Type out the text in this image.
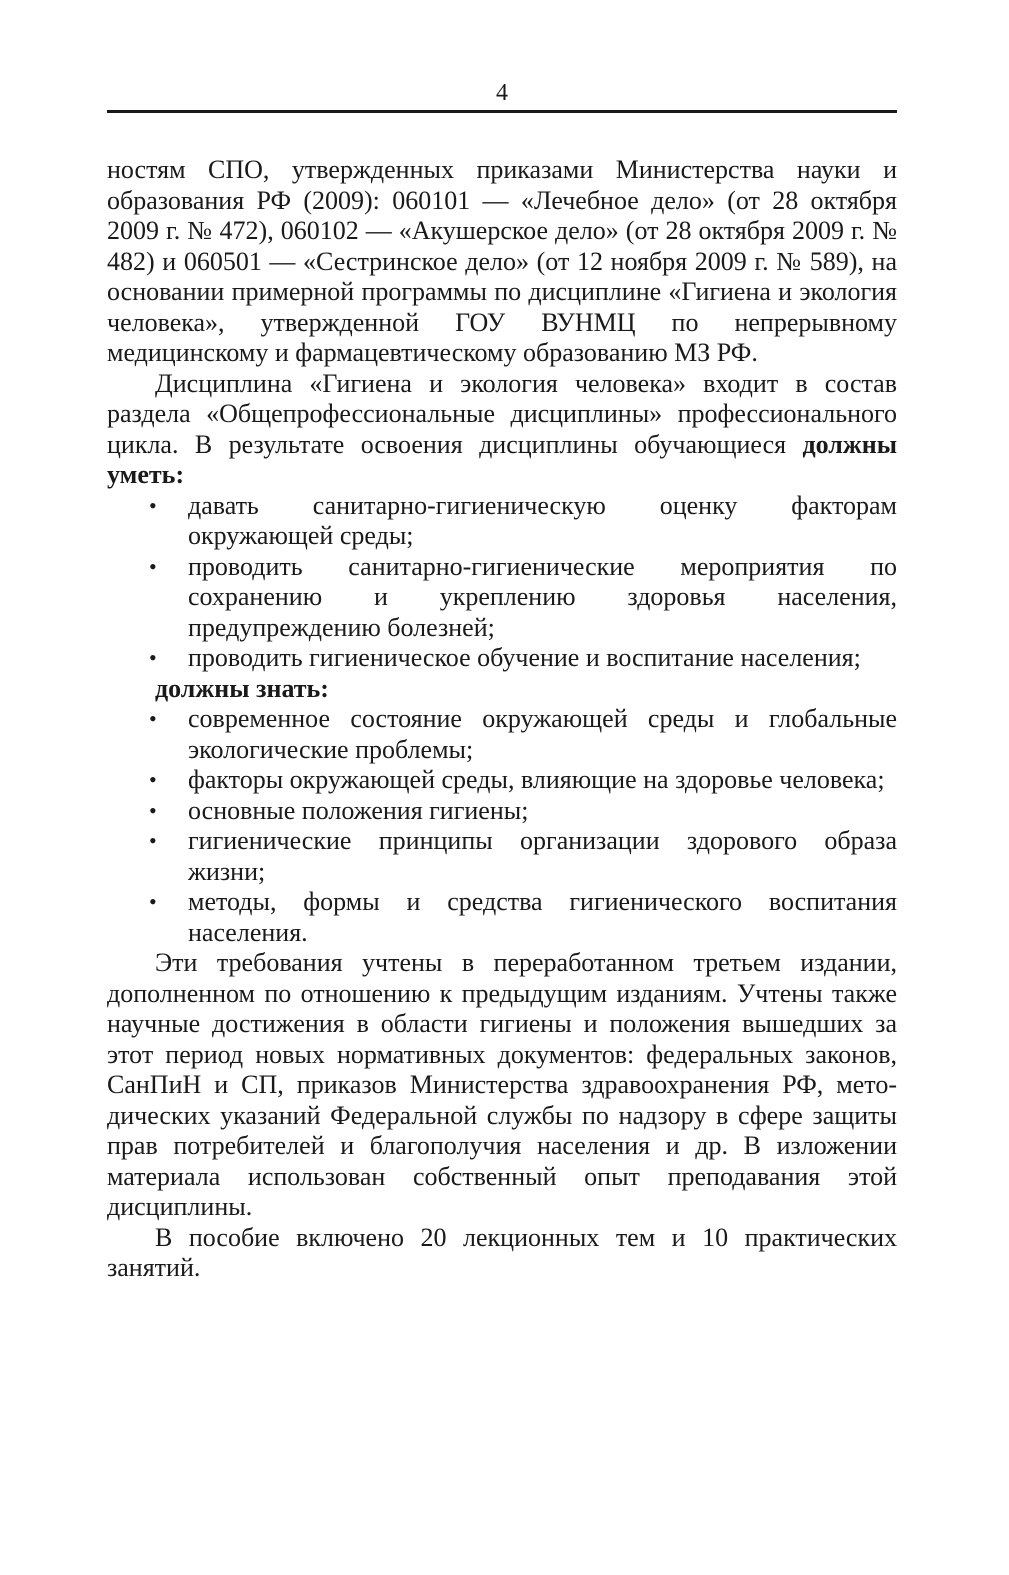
4

ностям СПО, утвержденных приказами Министерства науки и образования РФ (2009): 060101 — «Лечебное дело» (от 28 октября 2009 г. № 472), 060102 — «Акушерское дело» (от 28 октября 2009 г. № 482) и 060501 — «Сестринское дело» (от 12 ноября 2009 г. № 589), на основании примерной программы по дисциплине «Гигиена и экология человека», утвержденной ГОУ ВУНМЦ по непрерывному медицинскому и фармацевтическому образованию МЗ РФ.

Дисциплина «Гигиена и экология человека» входит в состав раздела «Общепрофессиональные дисциплины» профессионального цикла. В результате освоения дисциплины обучающиеся должны уметь:

• давать санитарно-гигиеническую оценку факторам окружающей среды;
• проводить санитарно-гигиенические мероприятия по сохранению и укреплению здоровья населения, предупреждению болезней;
• проводить гигиеническое обучение и воспитание населения;

должны знать:

• современное состояние окружающей среды и глобальные экологические проблемы;
• факторы окружающей среды, влияющие на здоровье человека;
• основные положения гигиены;
• гигиенические принципы организации здорового образа жизни;
• методы, формы и средства гигиенического воспитания населения.

Эти требования учтены в переработанном третьем издании, дополненном по отношению к предыдущим изданиям. Учтены также научные достижения в области гигиены и положения вышедших за этот период новых нормативных документов: федеральных законов, СанПиН и СП, приказов Министерства здравоохранения РФ, методических указаний Федеральной службы по надзору в сфере защиты прав потребителей и благополучия населения и др. В изложении материала использован собственный опыт преподавания этой дисциплины.

В пособие включено 20 лекционных тем и 10 практических занятий.
